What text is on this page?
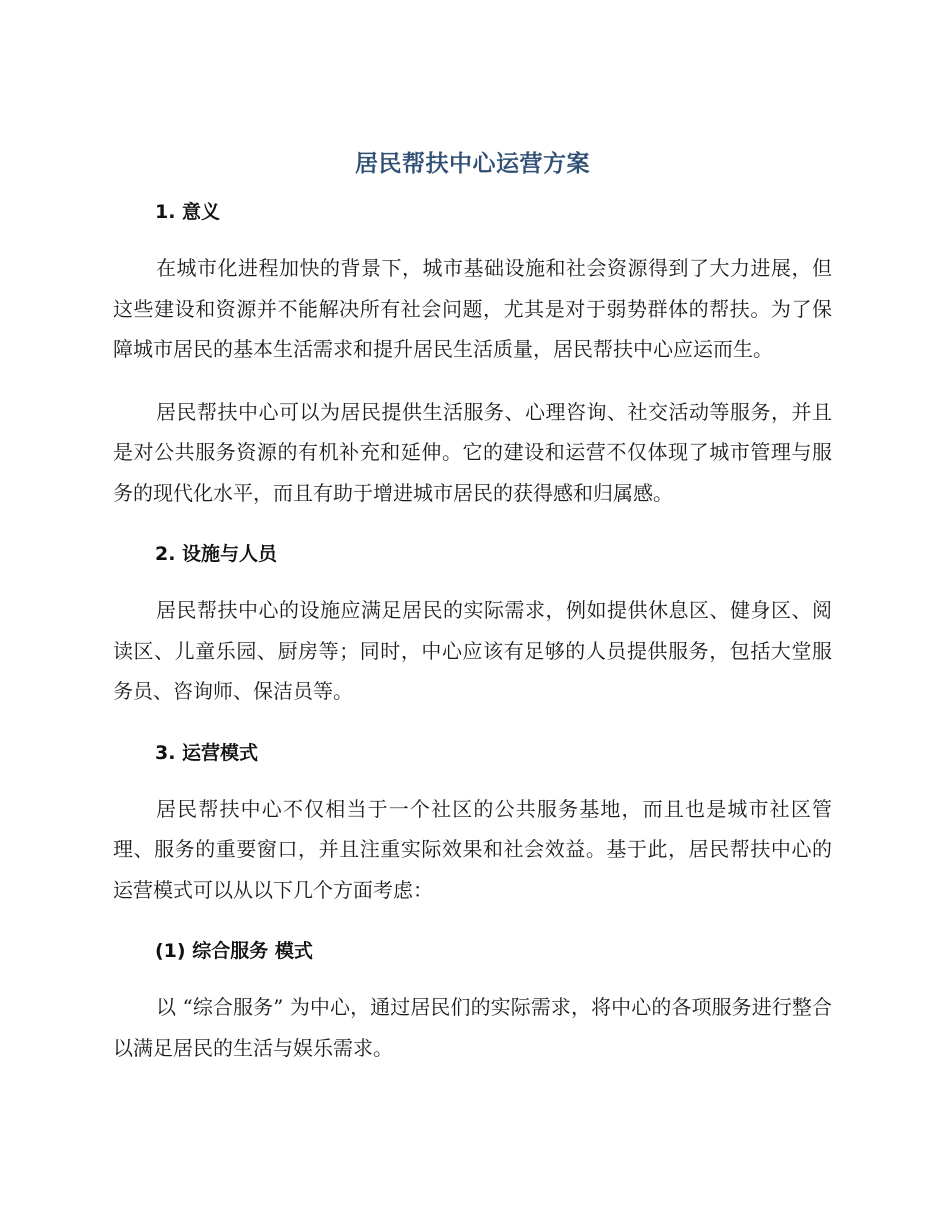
居民帮扶中心运营方案
1. 意义

在城市化进程加快的背景下，城市基础设施和社会资源得到了大力进展，但这些建设和资源并不能解决所有社会问题，尤其是对于弱势群体的帮扶。为了保障城市居民的基本生活需求和提升居民生活质量，居民帮扶中心应运而生。

居民帮扶中心可以为居民提供生活服务、心理咨询、社交活动等服务，并且是对公共服务资源的有机补充和延伸。它的建设和运营不仅体现了城市管理与服务的现代化水平，而且有助于增进城市居民的获得感和归属感。

2. 设施与人员

居民帮扶中心的设施应满足居民的实际需求，例如提供休息区、健身区、阅读区、儿童乐园、厨房等；同时，中心应该有足够的人员提供服务，包括大堂服务员、咨询师、保洁员等。

3. 运营模式

居民帮扶中心不仅相当于一个社区的公共服务基地，而且也是城市社区管理、服务的重要窗口，并且注重实际效果和社会效益。基于此，居民帮扶中心的运营模式可以从以下几个方面考虑：

(1) 综合服务 模式

以 “综合服务” 为中心，通过居民们的实际需求，将中心的各项服务进行整合以满足居民的生活与娱乐需求。
